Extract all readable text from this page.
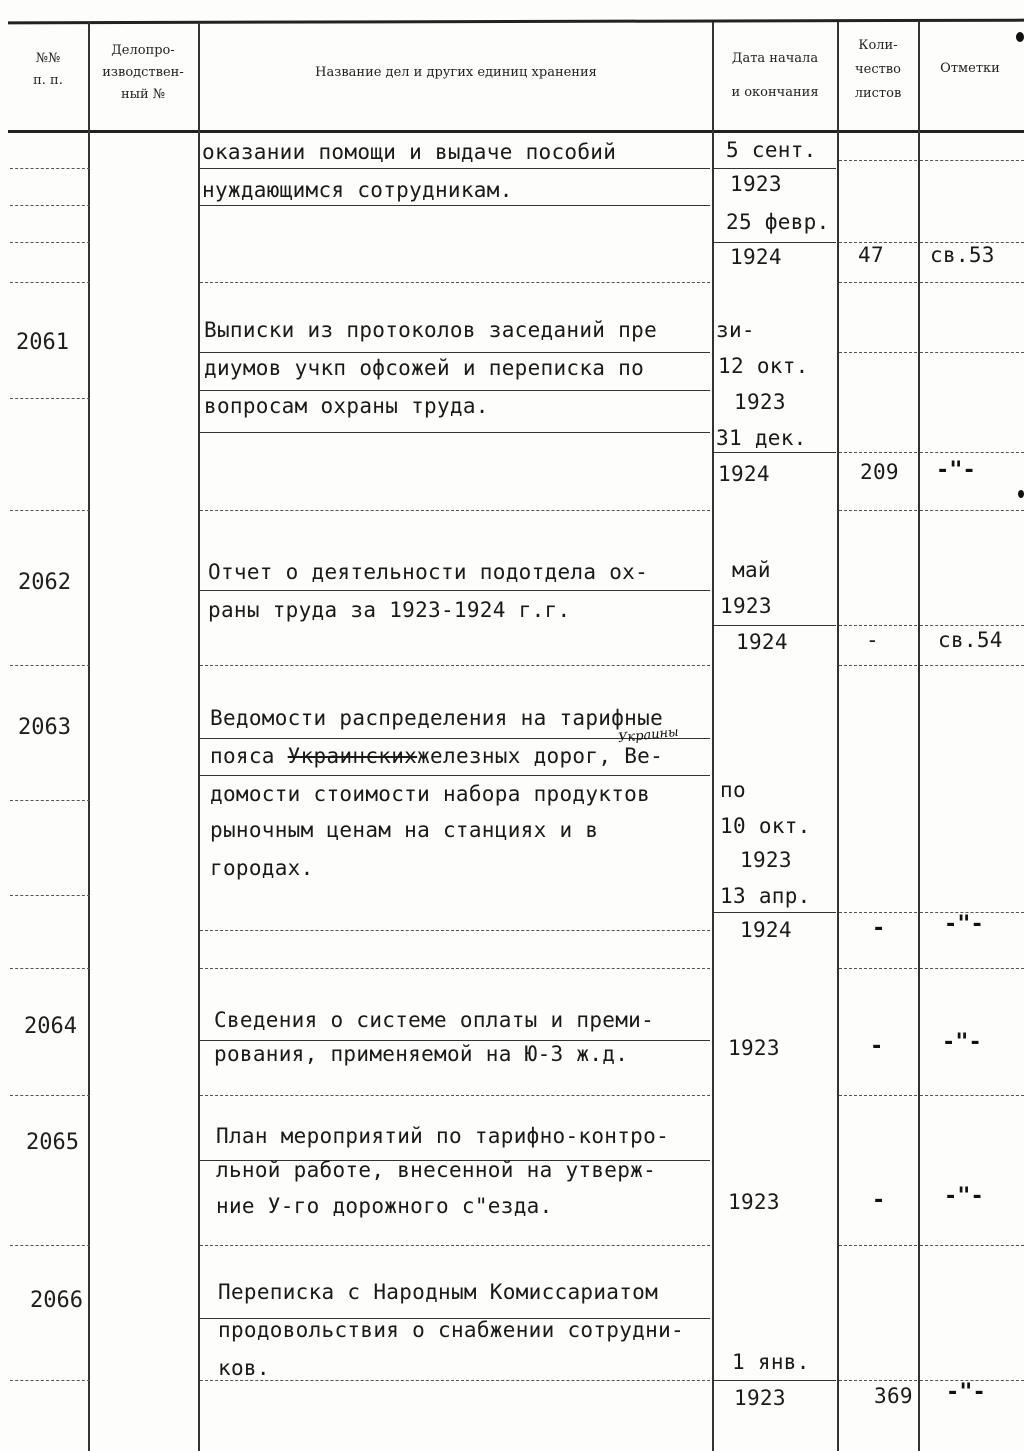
№№
п. п.
Делопро-
изводствен-
ный №
Название дел и других единиц хранения
Дата начала
и окончания
Коли-
чество
листов
Отметки
оказании помощи и выдаче пособий
нуждающимся сотрудникам.
5 сент.
1923
25 февр.
1924	47 св.53
2061	Выписки из протоколов заседаний пре	зи-
диумов учкп офсожей и переписка по
вопросам охраны труда.
12 окт.
1923
31 дек.
1924	209 -"-
2062	Отчет о деятельности подотдела ох-
раны труда за 1923-1924 г.г.
май
1923
1924	-	св.54
2063	Ведомости распределения на тарифные
пояса Украинскихжелезных дорог, Ве-
Украины
домости стоимости набора продуктов
рыночным ценам на станциях и в
городах.
по
10 окт.
1923
13 апр.
1924	-	-"-
2064	Сведения о системе оплаты и преми-
рования, применяемой на Ю-З ж.д.	1923	-	-"-
2065	План мероприятий по тарифно-контро-
льной работе, внесенной на утверж-
ние У-го дорожного с"езда.	1923	-	-"-
2066	Переписка с Народным Комиссариатом
продовольствия о снабжении сотрудни-
ков.	1 янв.
1923	369 -"-
